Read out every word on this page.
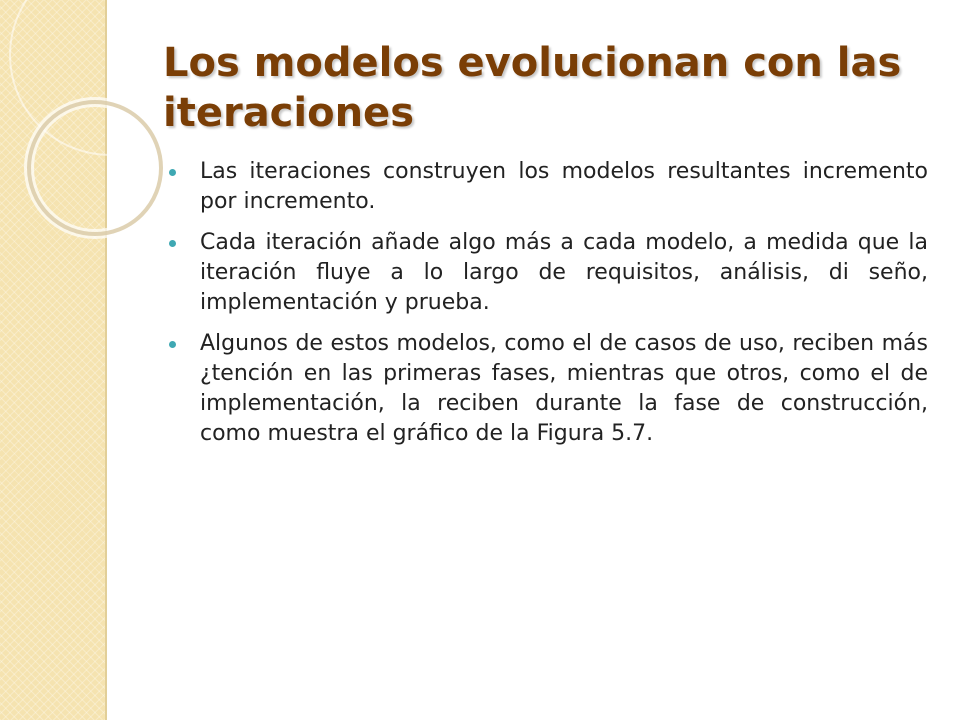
Los modelos evolucionan con las iteraciones
Las iteraciones construyen los modelos resultantes incremento por incremento.
Cada iteración añade algo más a cada modelo, a medida que la iteración fluye a lo largo de requisitos, análisis, di seño, implementación y prueba.
Algunos de estos modelos, como el de casos de uso, reciben más ¿tención en las primeras fases, mientras que otros, como el de implementación, la reciben durante la fase de construcción, como muestra el gráfico de la Figura 5.7.
